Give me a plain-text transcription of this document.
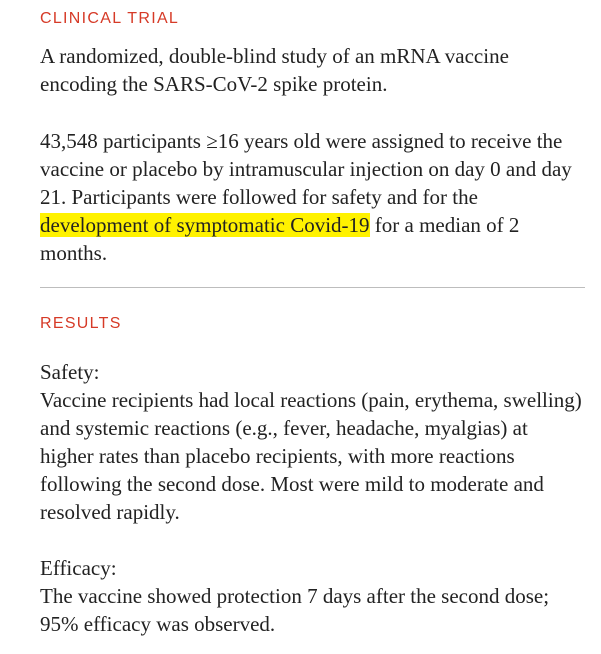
CLINICAL TRIAL

A randomized, double-blind study of an mRNA vaccine encoding the SARS-CoV-2 spike protein.

43,548 participants ≥16 years old were assigned to receive the vaccine or placebo by intramuscular injection on day 0 and day 21. Participants were followed for safety and for the development of symptomatic Covid-19 for a median of 2 months.

RESULTS

Safety:

Vaccine recipients had local reactions (pain, erythema, swelling) and systemic reactions (e.g., fever, headache, myalgias) at higher rates than placebo recipients, with more reactions following the second dose. Most were mild to moderate and resolved rapidly.

Efficacy:

The vaccine showed protection 7 days after the second dose; 95% efficacy was observed.
